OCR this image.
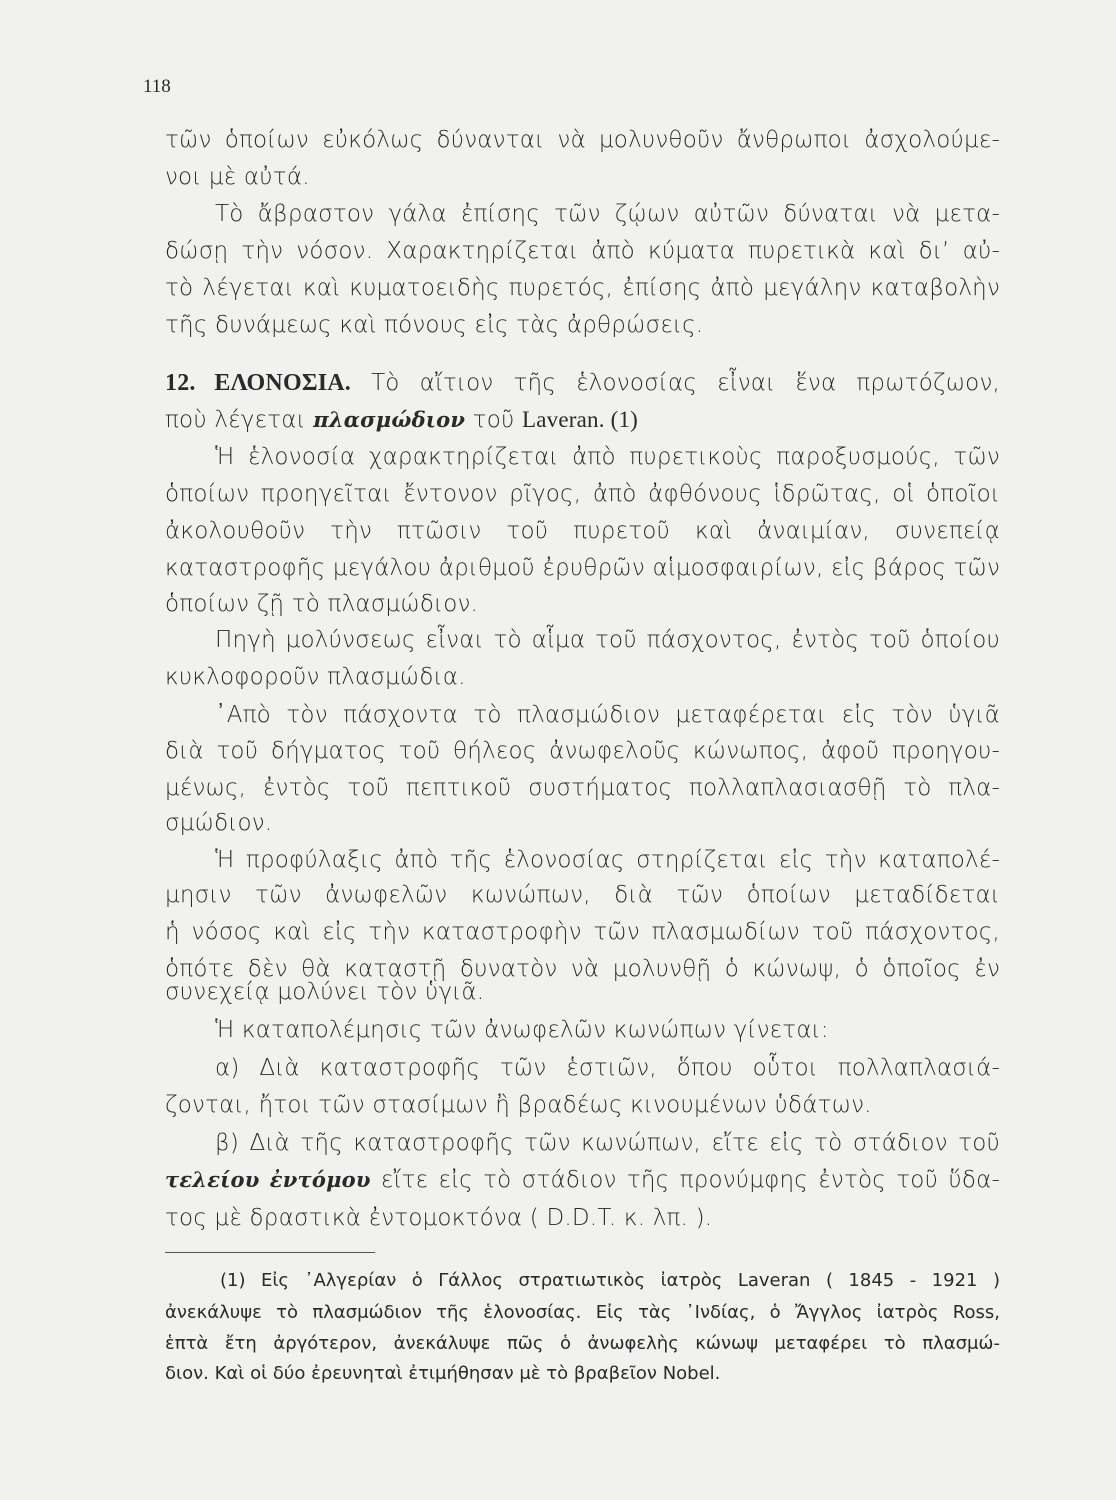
118
τῶν ὁποίων εὐκόλως δύνανται νὰ μολυνθοῦν ἄνθρωποι ἀσχολούμε-
νοι μὲ αὐτά.
Τὸ ἄβραστον γάλα ἐπίσης τῶν ζῴων αὐτῶν δύναται νὰ μετα-
δώσῃ τὴν νόσον. Χαρακτηρίζεται ἀπὸ κύματα πυρετικὰ καὶ δι’ αὐ-
τὸ λέγεται καὶ κυματοειδὴς πυρετός, ἐπίσης ἀπὸ μεγάλην καταβολὴν
τῆς δυνάμεως καὶ πόνους εἰς τὰς ἀρθρώσεις.
12. ΕΛΟΝΟΣΙΑ. Τὸ αἴτιον τῆς ἑλονοσίας εἶναι ἕνα πρωτόζωον,
ποὺ λέγεται πλασμώδιον τοῦ Laveran. (1)
Ἡ ἑλονοσία χαρακτηρίζεται ἀπὸ πυρετικοὺς παροξυσμούς, τῶν
ὁποίων προηγεῖται ἔντονον ρῖγος, ἀπὸ ἀφθόνους ἱδρῶτας, οἱ ὁποῖοι
ἀκολουθοῦν τὴν πτῶσιν τοῦ πυρετοῦ καὶ ἀναιμίαν, συνεπείᾳ
καταστροφῆς μεγάλου ἀριθμοῦ ἐρυθρῶν αἱμοσφαιρίων, εἰς βάρος τῶν
ὁποίων ζῇ τὸ πλασμώδιον.
Πηγὴ μολύνσεως εἶναι τὸ αἷμα τοῦ πάσχοντος, ἐντὸς τοῦ ὁποίου
κυκλοφοροῦν πλασμώδια.
᾿Απὸ τὸν πάσχοντα τὸ πλασμώδιον μεταφέρεται εἰς τὸν ὑγιᾶ
διὰ τοῦ δήγματος τοῦ θήλεος ἀνωφελοῦς κώνωπος, ἀφοῦ προηγου-
μένως, ἐντὸς τοῦ πεπτικοῦ συστήματος πολλαπλασιασθῇ τὸ πλα-
σμώδιον.
Ἡ προφύλαξις ἀπὸ τῆς ἑλονοσίας στηρίζεται εἰς τὴν καταπολέ-
μησιν τῶν ἀνωφελῶν κωνώπων, διὰ τῶν ὁποίων μεταδίδεται
ἡ νόσος καὶ εἰς τὴν καταστροφὴν τῶν πλασμωδίων τοῦ πάσχοντος,
ὁπότε δὲν θὰ καταστῇ δυνατὸν νὰ μολυνθῇ ὁ κώνωψ, ὁ ὁποῖος ἐν
συνεχείᾳ μολύνει τὸν ὑγιᾶ.
Ἡ καταπολέμησις τῶν ἀνωφελῶν κωνώπων γίνεται:
α) Διὰ καταστροφῆς τῶν ἑστιῶν, ὅπου οὗτοι πολλαπλασιά-
ζονται, ἤτοι τῶν στασίμων ἢ βραδέως κινουμένων ὑδάτων.
β) Διὰ τῆς καταστροφῆς τῶν κωνώπων, εἴτε εἰς τὸ στάδιον τοῦ
τελείου ἐντόμου εἴτε εἰς τὸ στάδιον τῆς προνύμφης ἐντὸς τοῦ ὕδα-
τος μὲ δραστικὰ ἐντομοκτόνα ( D.D.T. κ. λπ. ).
(1) Εἰς ᾿Αλγερίαν ὁ Γάλλος στρατιωτικὸς ἰατρὸς Laveran ( 1845 - 1921 )
ἀνεκάλυψε τὸ πλασμώδιον τῆς ἑλονοσίας. Εἰς τὰς ᾿Ινδίας, ὁ Ἄγγλος ἰατρὸς Ross,
ἑπτὰ ἔτη ἀργότερον, ἀνεκάλυψε πῶς ὁ ἀνωφελὴς κώνωψ μεταφέρει τὸ πλασμώ-
διον. Καὶ οἱ δύο ἐρευνηταὶ ἐτιμήθησαν μὲ τὸ βραβεῖον Nobel.
